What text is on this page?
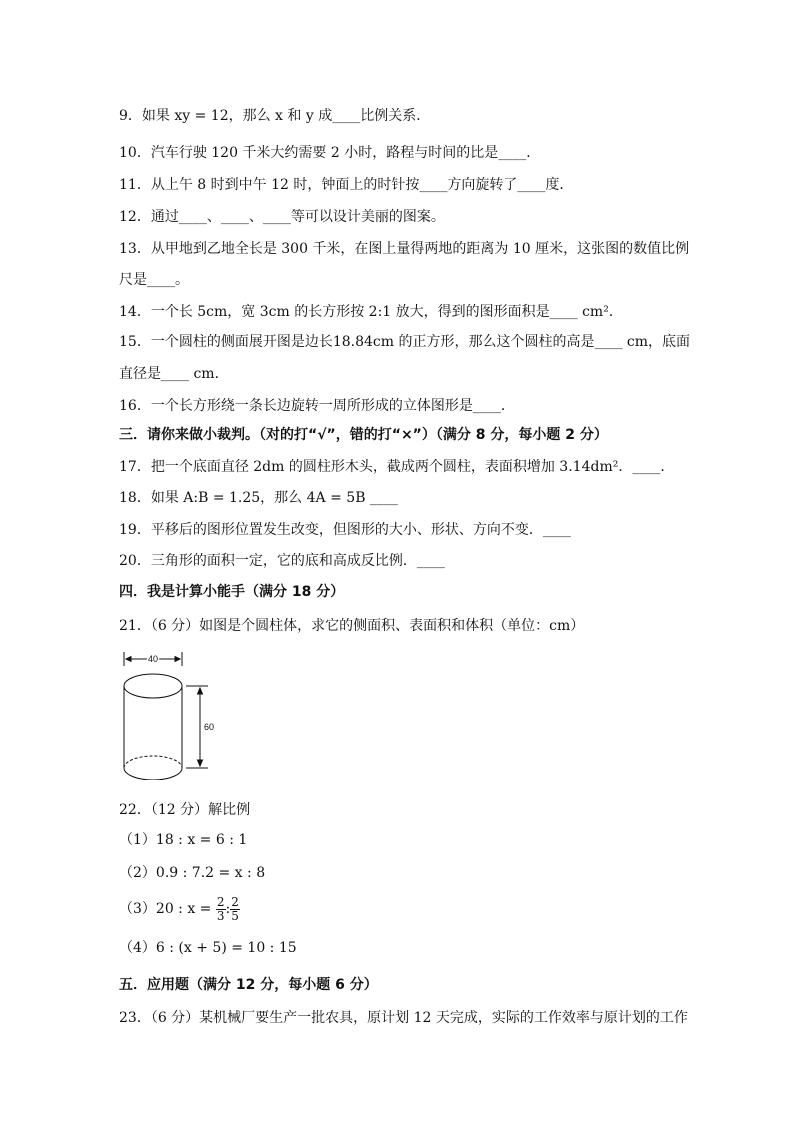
9．如果 xy = 12，那么 x 和 y 成____比例关系．
10．汽车行驶 120 千米大约需要 2 小时，路程与时间的比是____．
11．从上午 8 时到中午 12 时，钟面上的时针按____方向旋转了____度．
12．通过____、____、____等可以设计美丽的图案。
13．从甲地到乙地全长是 300 千米，在图上量得两地的距离为 10 厘米，这张图的数值比例
尺是____。
14．一个长 5cm，宽 3cm 的长方形按 2:1 放大，得到的图形面积是____ cm²．
15．一个圆柱的侧面展开图是边长18.84cm 的正方形，那么这个圆柱的高是____ cm，底面
直径是____ cm．
16．一个长方形绕一条长边旋转一周所形成的立体图形是____．
三．请你来做小裁判。（对的打“√”，错的打“×”）（满分 8 分，每小题 2 分）
17．把一个底面直径 2dm 的圆柱形木头，截成两个圆柱，表面积增加 3.14dm²．____．
18．如果 A:B = 1.25，那么 4A = 5B ____
19．平移后的图形位置发生改变，但图形的大小、形状、方向不变．____
20．三角形的面积一定，它的底和高成反比例．____
四．我是计算小能手（满分 18 分）
21．（6 分）如图是个圆柱体，求它的侧面积、表面积和体积（单位：cm）
40
60
22．（12 分）解比例
（1）18 : x = 6 : 1
（2）0.9 : 7.2 = x : 8
（3）20 : $x = \frac{2}{3}$ : $\frac{2}{5}$
（4）6 : (x + 5) = 10 : 15
五．应用题（满分 12 分，每小题 6 分）
23．（6 分）某机械厂要生产一批农具，原计划 12 天完成，实际的工作效率与原计划的工作
